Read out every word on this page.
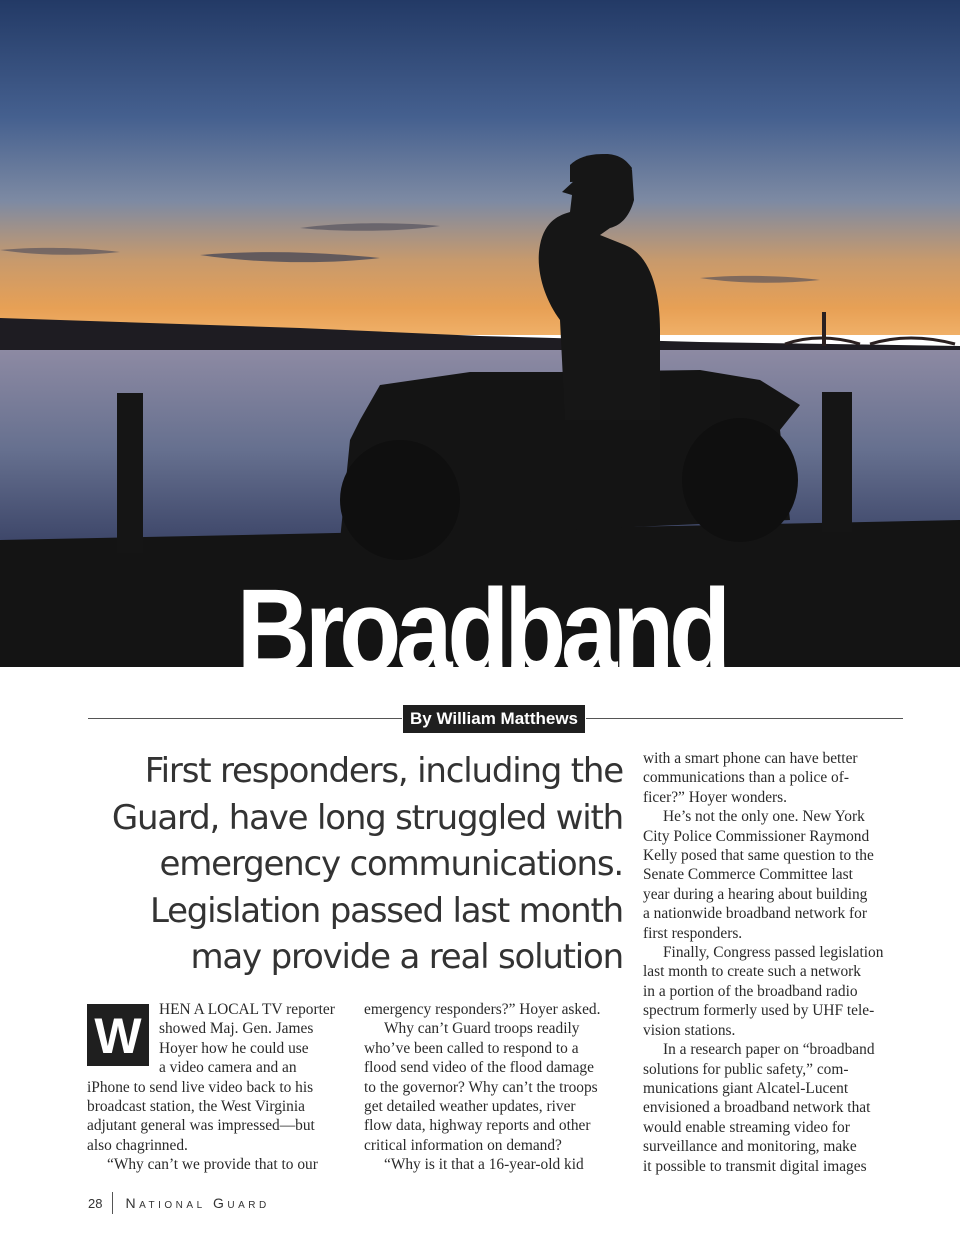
Broadband
By William Matthews
First responders, including the Guard, have long struggled with emergency communications. Legislation passed last month may provide a real solution
W	HEN A LOCAL TV reporter
showed Maj. Gen. James
Hoyer how he could use
a video camera and an
iPhone to send live video back to his
broadcast station, the West Virginia
adjutant general was impressed—but
also chagrinned.
“Why can’t we provide that to our
emergency responders?” Hoyer asked.
Why can’t Guard troops readily
who’ve been called to respond to a
flood send video of the flood damage
to the governor? Why can’t the troops
get detailed weather updates, river
flow data, highway reports and other
critical information on demand?
“Why is it that a 16-year-old kid
with a smart phone can have better
communications than a police of-
ficer?” Hoyer wonders.
He’s not the only one. New York
City Police Commissioner Raymond
Kelly posed that same question to the
Senate Commerce Committee last
year during a hearing about building
a nationwide broadband network for
first responders.
Finally, Congress passed legislation
last month to create such a network
in a portion of the broadband radio
spectrum formerly used by UHF tele-
vision stations.
In a research paper on “broadband
solutions for public safety,” com-
munications giant Alcatel-Lucent
envisioned a broadband network that
would enable streaming video for
surveillance and monitoring, make
it possible to transmit digital images
28 National Guard
